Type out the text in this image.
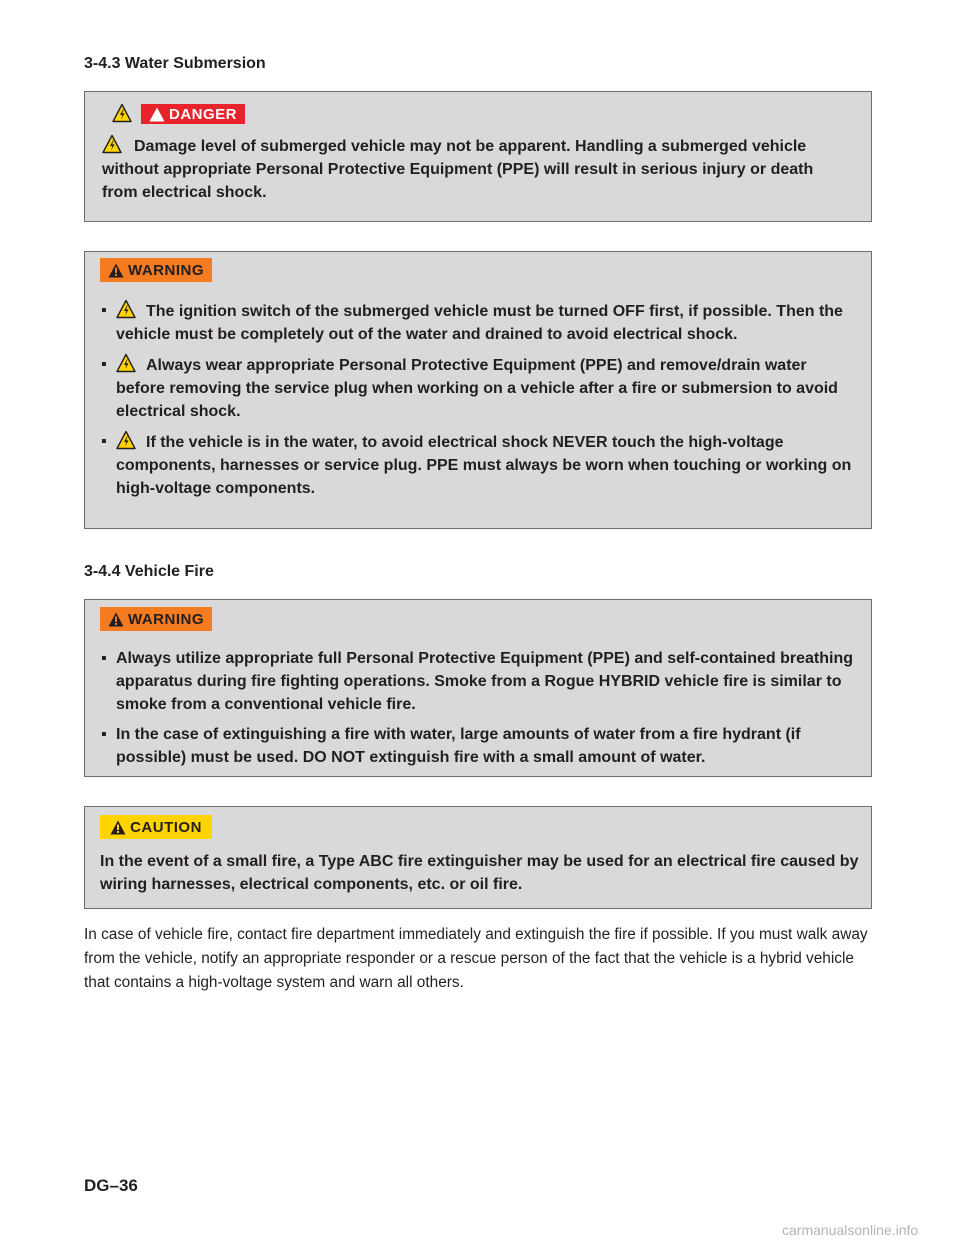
3-4.3 Water Submersion
DANGER
Damage level of submerged vehicle may not be apparent. Handling a submerged vehicle without appropriate Personal Protective Equipment (PPE) will result in serious injury or death from electrical shock.
WARNING
▪ The ignition switch of the submerged vehicle must be turned OFF first, if possible. Then the vehicle must be completely out of the water and drained to avoid electrical shock.
▪ Always wear appropriate Personal Protective Equipment (PPE) and remove/drain water before removing the service plug when working on a vehicle after a fire or submersion to avoid electrical shock.
▪ If the vehicle is in the water, to avoid electrical shock NEVER touch the high-voltage components, harnesses or service plug. PPE must always be worn when touching or working on high-voltage components.
3-4.4 Vehicle Fire
WARNING
▪ Always utilize appropriate full Personal Protective Equipment (PPE) and self-contained breathing apparatus during fire fighting operations. Smoke from a Rogue HYBRID vehicle fire is similar to smoke from a conventional vehicle fire.
▪ In the case of extinguishing a fire with water, large amounts of water from a fire hydrant (if possible) must be used. DO NOT extinguish fire with a small amount of water.
CAUTION
In the event of a small fire, a Type ABC fire extinguisher may be used for an electrical fire caused by wiring harnesses, electrical components, etc. or oil fire.
In case of vehicle fire, contact fire department immediately and extinguish the fire if possible. If you must walk away from the vehicle, notify an appropriate responder or a rescue person of the fact that the vehicle is a hybrid vehicle that contains a high-voltage system and warn all others.
DG–36
carmanualsonline.info
